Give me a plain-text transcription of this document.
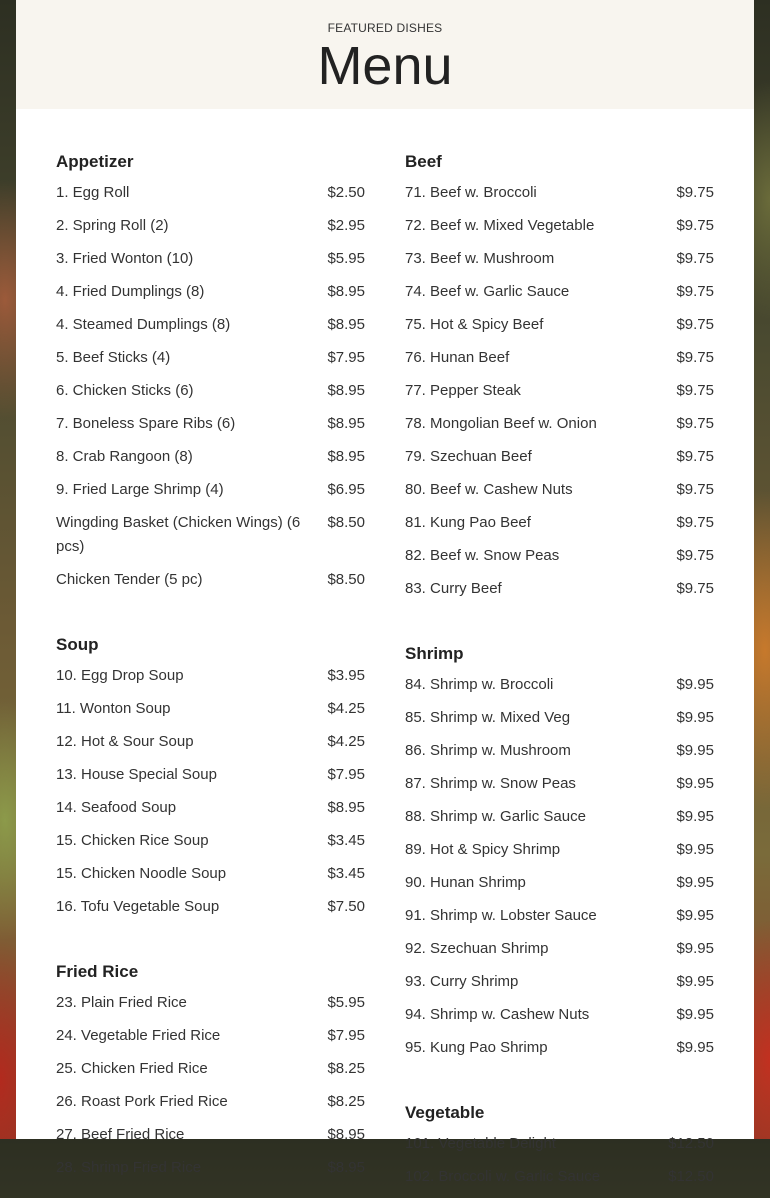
FEATURED DISHES
Menu
Appetizer
1. Egg Roll	$2.50
2. Spring Roll (2)	$2.95
3. Fried Wonton (10)	$5.95
4. Fried Dumplings (8)	$8.95
4. Steamed Dumplings (8)	$8.95
5. Beef Sticks (4)	$7.95
6. Chicken Sticks (6)	$8.95
7. Boneless Spare Ribs (6)	$8.95
8. Crab Rangoon (8)	$8.95
9. Fried Large Shrimp (4)	$6.95
Wingding Basket (Chicken Wings) (6 pcs)
$8.50
Chicken Tender (5 pc)	$8.50
Soup
10. Egg Drop Soup	$3.95
11. Wonton Soup	$4.25
12. Hot & Sour Soup	$4.25
13. House Special Soup	$7.95
14. Seafood Soup	$8.95
15. Chicken Rice Soup	$3.45
15. Chicken Noodle Soup	$3.45
16. Tofu Vegetable Soup	$7.50
Fried Rice
23. Plain Fried Rice	$5.95
24. Vegetable Fried Rice	$7.95
25. Chicken Fried Rice	$8.25
26. Roast Pork Fried Rice	$8.25
27. Beef Fried Rice	$8.95
28. Shrimp Fried Rice	$8.95
Beef
71. Beef w. Broccoli	$9.75
72. Beef w. Mixed Vegetable	$9.75
73. Beef w. Mushroom	$9.75
74. Beef w. Garlic Sauce	$9.75
75. Hot & Spicy Beef	$9.75
76. Hunan Beef	$9.75
77. Pepper Steak	$9.75
78. Mongolian Beef w. Onion	$9.75
79. Szechuan Beef	$9.75
80. Beef w. Cashew Nuts	$9.75
81. Kung Pao Beef	$9.75
82. Beef w. Snow Peas	$9.75
83. Curry Beef	$9.75
Shrimp
84. Shrimp w. Broccoli	$9.95
85. Shrimp w. Mixed Veg	$9.95
86. Shrimp w. Mushroom	$9.95
87. Shrimp w. Snow Peas	$9.95
88. Shrimp w. Garlic Sauce	$9.95
89. Hot & Spicy Shrimp	$9.95
90. Hunan Shrimp	$9.95
91. Shrimp w. Lobster Sauce	$9.95
92. Szechuan Shrimp	$9.95
93. Curry Shrimp	$9.95
94. Shrimp w. Cashew Nuts	$9.95
95. Kung Pao Shrimp	$9.95
Vegetable
101. Vegetable Delight	$12.50
102. Broccoli w. Garlic Sauce	$12.50
